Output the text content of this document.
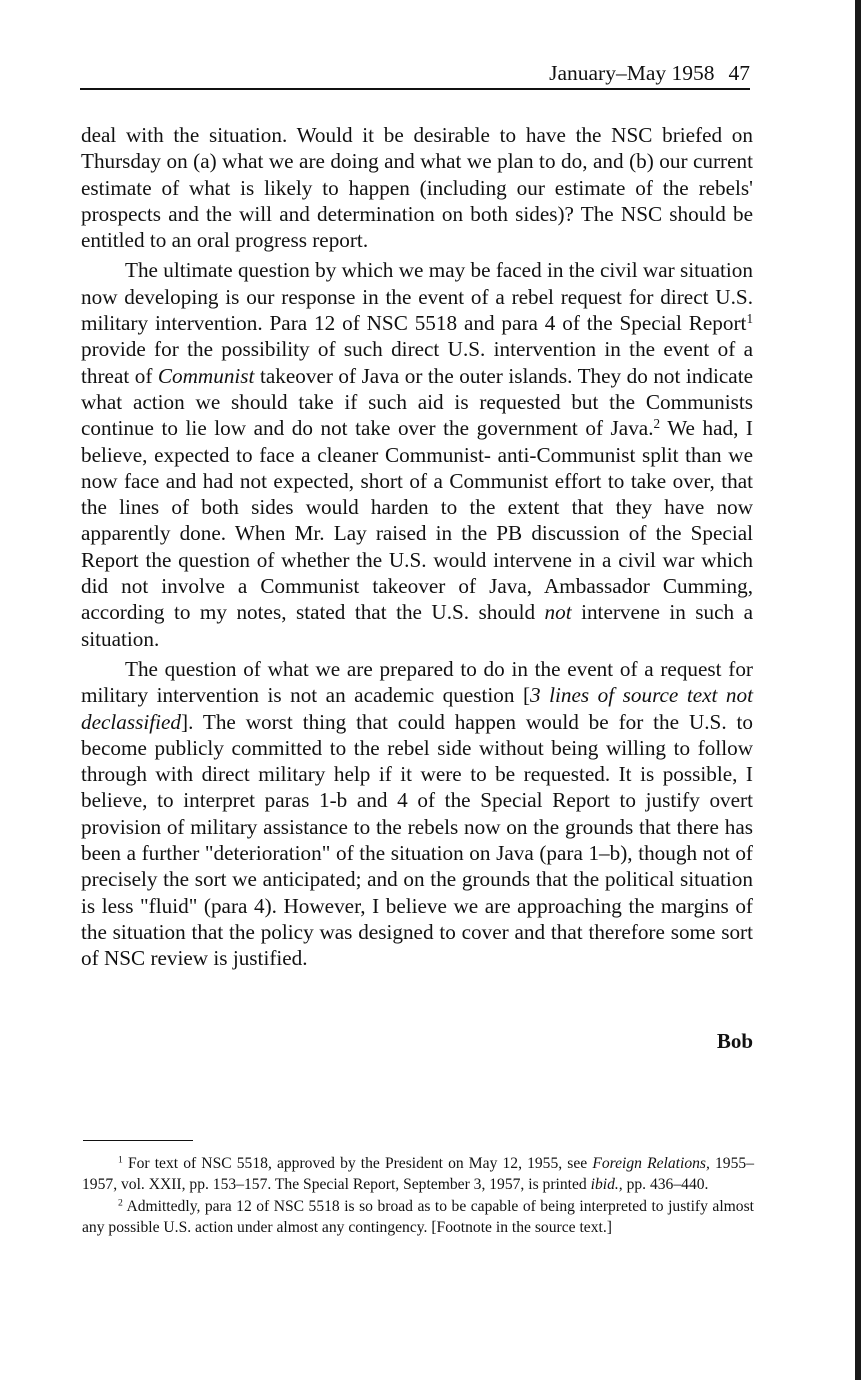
January–May 1958 47

deal with the situation. Would it be desirable to have the NSC briefed on Thursday on (a) what we are doing and what we plan to do, and (b) our current estimate of what is likely to happen (including our estimate of the rebels' prospects and the will and determination on both sides)? The NSC should be entitled to an oral progress report.

The ultimate question by which we may be faced in the civil war situation now developing is our response in the event of a rebel request for direct U.S. military intervention. Para 12 of NSC 5518 and para 4 of the Special Report$^1$ provide for the possibility of such direct U.S. intervention in the event of a threat of Communist takeover of Java or the outer islands. They do not indicate what action we should take if such aid is requested but the Communists continue to lie low and do not take over the government of Java.$^2$ We had, I believe, expected to face a cleaner Communist- anti-Communist split than we now face and had not expected, short of a Communist effort to take over, that the lines of both sides would harden to the extent that they have now apparently done. When Mr. Lay raised in the PB discussion of the Special Report the question of whether the U.S. would intervene in a civil war which did not involve a Communist takeover of Java, Ambassador Cumming, according to my notes, stated that the U.S. should not intervene in such a situation.

The question of what we are prepared to do in the event of a request for military intervention is not an academic question [3 lines of source text not declassified]. The worst thing that could happen would be for the U.S. to become publicly committed to the rebel side without being willing to follow through with direct military help if it were to be requested. It is possible, I believe, to interpret paras 1-b and 4 of the Special Report to justify overt provision of military assistance to the rebels now on the grounds that there has been a further "deterioration" of the situation on Java (para 1–b), though not of precisely the sort we anticipated; and on the grounds that the political situation is less "fluid" (para 4). However, I believe we are approaching the margins of the situation that the policy was designed to cover and that therefore some sort of NSC review is justified.

Bob

$^1$ For text of NSC 5518, approved by the President on May 12, 1955, see Foreign Relations, 1955–1957, vol. XXII, pp. 153–157. The Special Report, September 3, 1957, is printed ibid., pp. 436–440.

$^2$ Admittedly, para 12 of NSC 5518 is so broad as to be capable of being interpreted to justify almost any possible U.S. action under almost any contingency. [Footnote in the source text.]
